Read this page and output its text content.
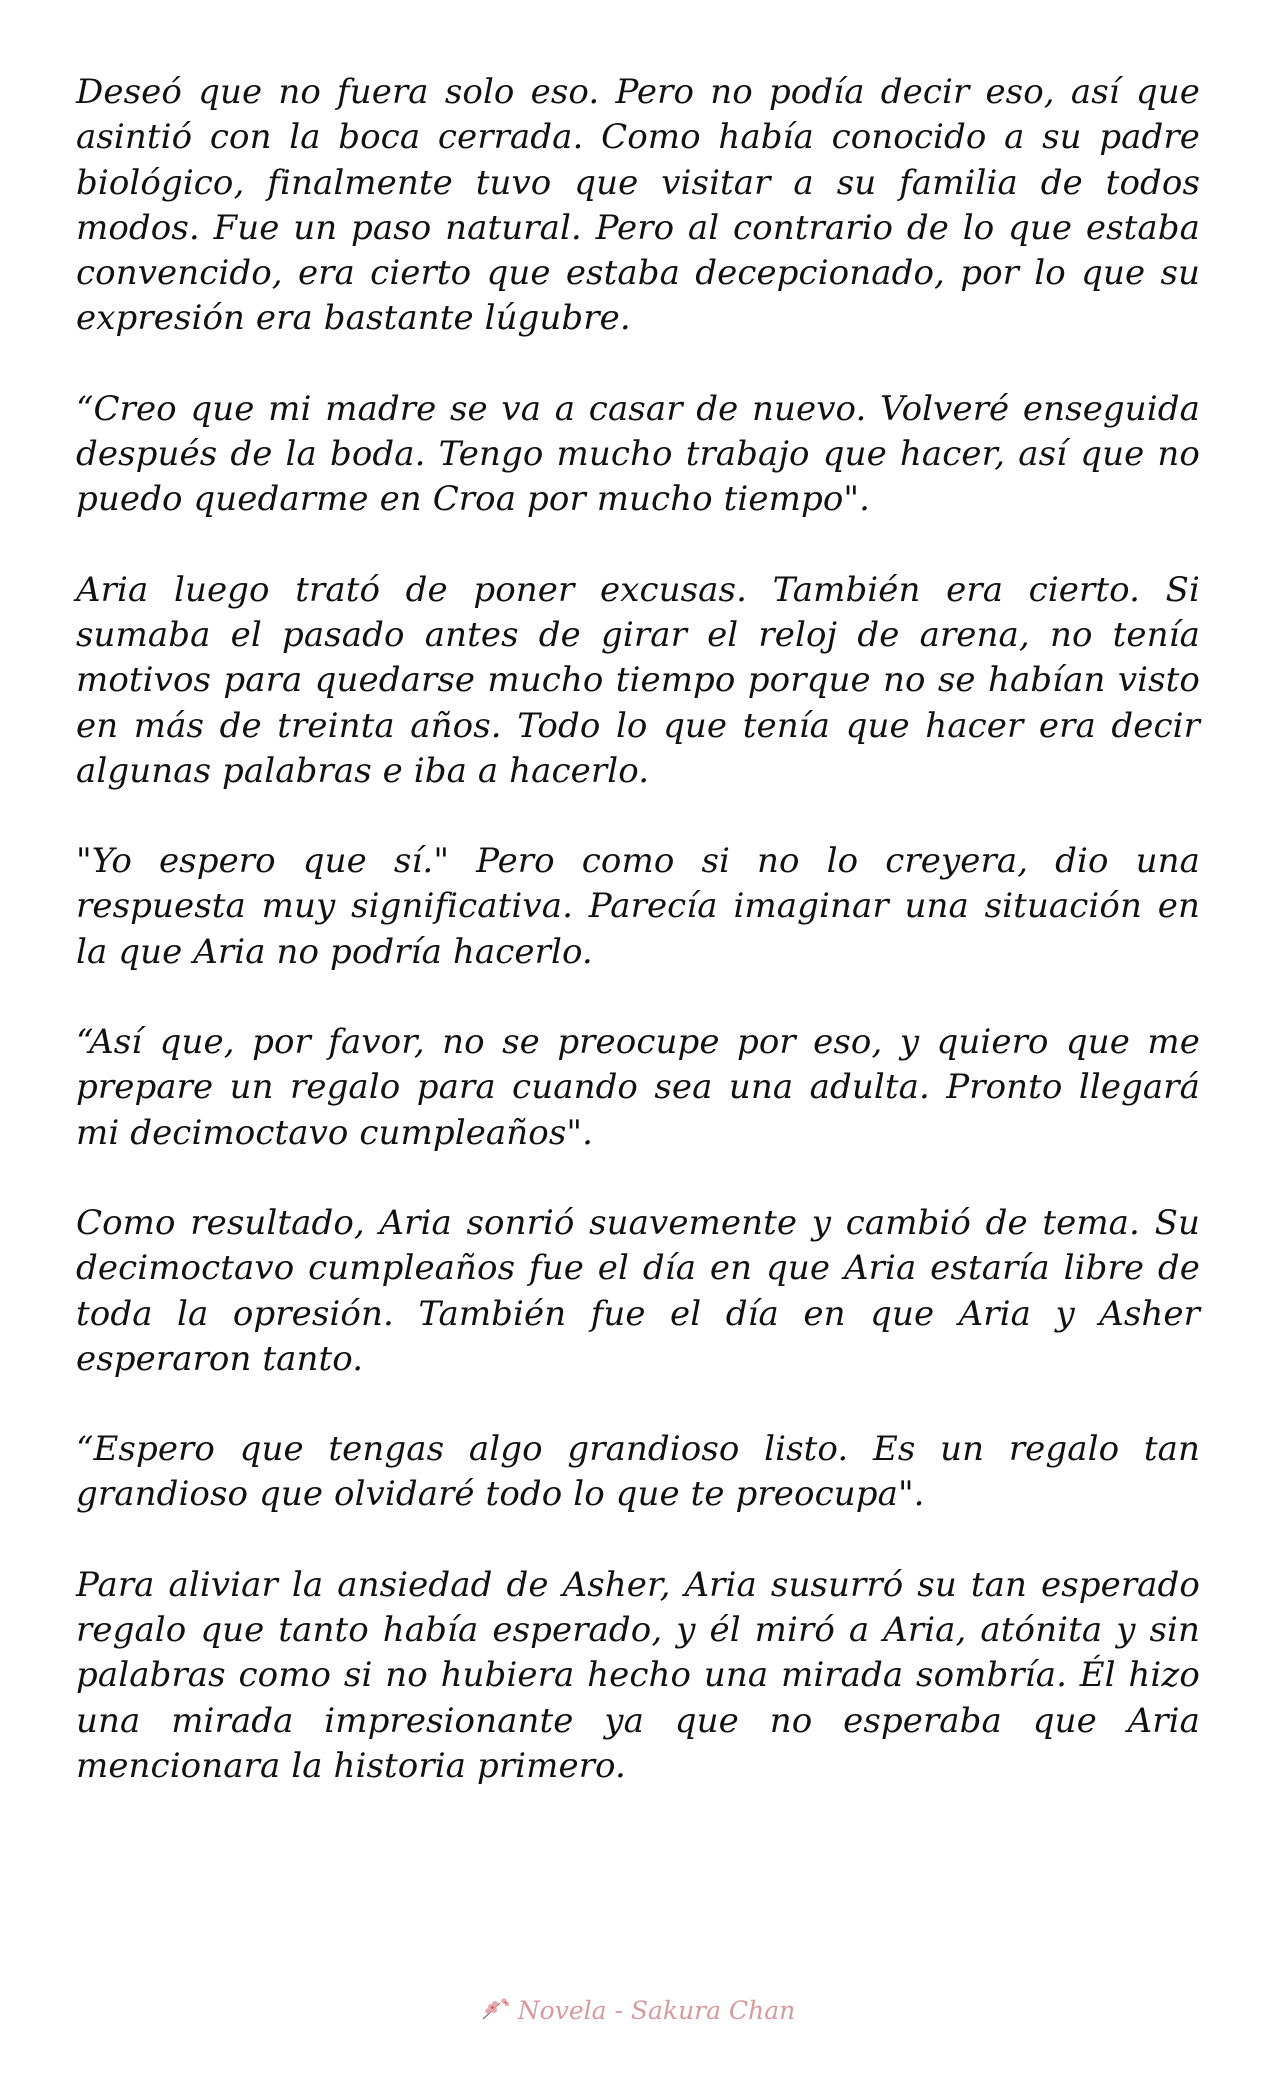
Deseó que no fuera solo eso. Pero no podía decir eso, así que asintió con la boca cerrada. Como había conocido a su padre biológico, finalmente tuvo que visitar a su familia de todos modos. Fue un paso natural. Pero al contrario de lo que estaba convencido, era cierto que estaba decepcionado, por lo que su expresión era bastante lúgubre.

“Creo que mi madre se va a casar de nuevo. Volveré enseguida después de la boda. Tengo mucho trabajo que hacer, así que no puedo quedarme en Croa por mucho tiempo".

Aria luego trató de poner excusas. También era cierto. Si sumaba el pasado antes de girar el reloj de arena, no tenía motivos para quedarse mucho tiempo porque no se habían visto en más de treinta años. Todo lo que tenía que hacer era decir algunas palabras e iba a hacerlo.

"Yo espero que sí." Pero como si no lo creyera, dio una respuesta muy significativa. Parecía imaginar una situación en la que Aria no podría hacerlo.

“Así que, por favor, no se preocupe por eso, y quiero que me prepare un regalo para cuando sea una adulta. Pronto llegará mi decimoctavo cumpleaños".

Como resultado, Aria sonrió suavemente y cambió de tema. Su decimoctavo cumpleaños fue el día en que Aria estaría libre de toda la opresión. También fue el día en que Aria y Asher esperaron tanto.

“Espero que tengas algo grandioso listo. Es un regalo tan grandioso que olvidaré todo lo que te preocupa".

Para aliviar la ansiedad de Asher, Aria susurró su tan esperado regalo que tanto había esperado, y él miró a Aria, atónita y sin palabras como si no hubiera hecho una mirada sombría. Él hizo una mirada impresionante ya que no esperaba que Aria mencionara la historia primero.

Novela - Sakura Chan
